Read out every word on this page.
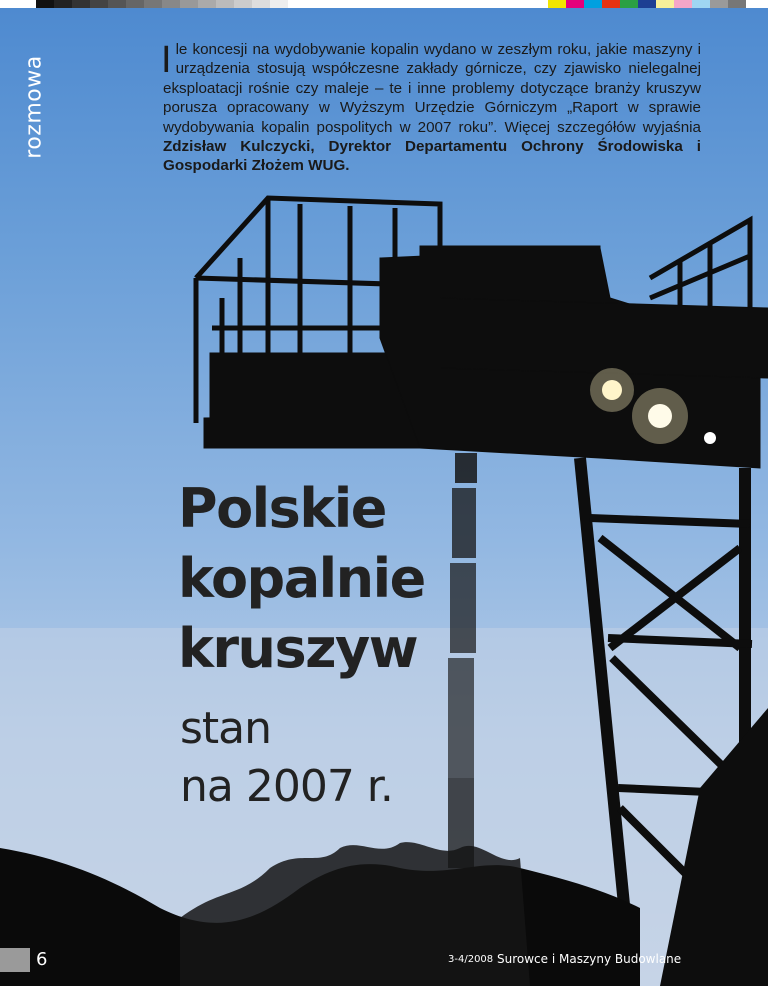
rozmowa	Ile koncesji na wydobywanie kopalin wydano w zeszłym roku, jakie maszyny i urządzenia stosują współczesne zakłady górnicze, czy zjawisko nielegalnej eksploatacji rośnie czy maleje – te i inne problemy dotyczące branży kruszyw porusza opracowany w Wyższym Urzędzie Górniczym „Raport w sprawie wydobywania kopalin pospolitych w 2007 roku”. Więcej szczegółów wyjaśnia Zdzisław Kulczycki, Dyrektor Departamentu Ochrony Środowiska i Gospodarki Złożem WUG.
Polskie
kopalnie
kruszyw
stan
na 2007 r.
6	3-4/2008 Surowce i Maszyny Budowlane
